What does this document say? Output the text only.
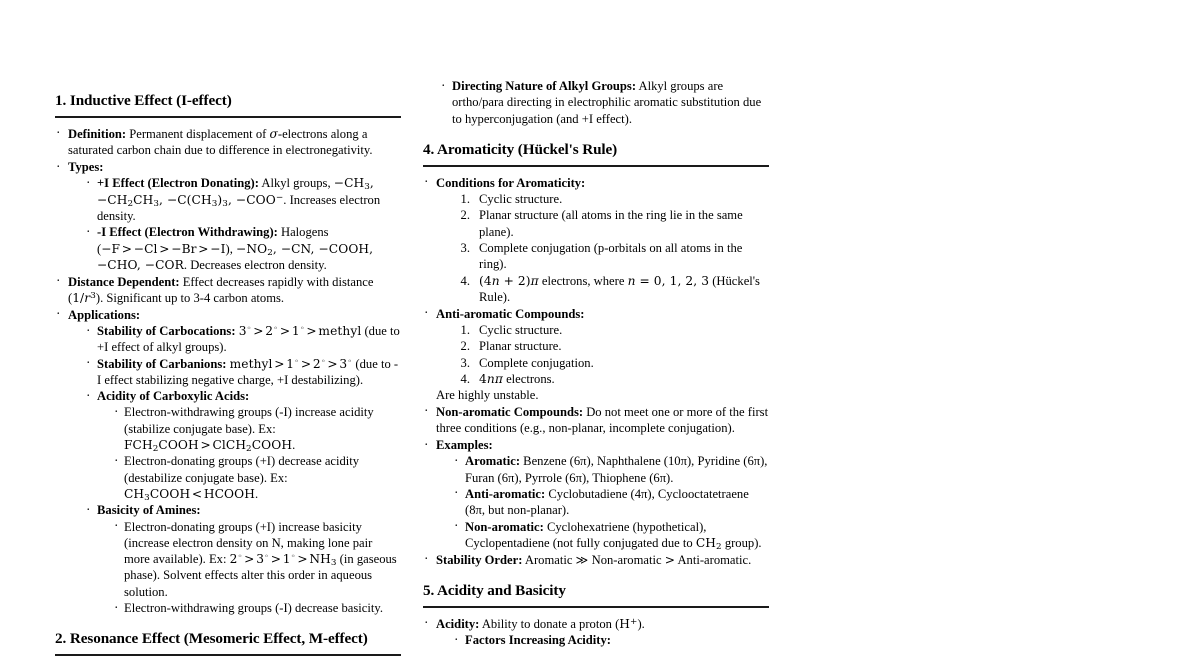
1. Inductive Effect (I-effect)
· Definition: Permanent displacement of σ-electrons along a saturated carbon chain due to difference in electronegativity.
· Types:
· +I Effect (Electron Donating): Alkyl groups, $-CH_3$, $-CH_2CH_3$, $-C(CH_3)_3$, −COO−. Increases electron density.
· -I Effect (Electron Withdrawing): Halogens (−F > −Cl > −Br > −I), $-NO_2$, −CN, −COOH, −CHO, −COR. Decreases electron density.
· Distance Dependent: Effect decreases rapidly with distance $(1/r^3)$. Significant up to 3-4 carbon atoms.
· Applications:
· Stability of Carbocations: 3◦ > 2◦ > 1◦ > methyl (due to +I effect of alkyl groups).
· Stability of Carbanions: methyl > 1◦ > 2◦ > 3◦ (due to -I effect stabilizing negative charge, +I destabilizing).
· Acidity of Carboxylic Acids:
· Electron-withdrawing groups (-I) increase acidity (stabilize conjugate base). Ex: $FCH_2COOH$ > ClCH$_2$COOH.
· Electron-donating groups (+I) decrease acidity (destabilize conjugate base). Ex: $CH_3COOH$ < HCOOH.
· Basicity of Amines:
· Electron-donating groups (+I) increase basicity (increase electron density on N, making lone pair more available). Ex: $2^◦ > 3^◦ > 1^◦ > NH_3$ (in gaseous phase). Solvent effects alter this order in aqueous solution.
· Electron-withdrawing groups (-I) decrease basicity.
2. Resonance Effect (Mesomeric Effect, M-effect)
· Directing Nature of Alkyl Groups: Alkyl groups are ortho/para directing in electrophilic aromatic substitution due to hyperconjugation (and +I effect).
4. Aromaticity (Hückel's Rule)
· Conditions for Aromaticity:
Cyclic structure.
Planar structure (all atoms in the ring lie in the same plane).
Complete conjugation (p-orbitals on all atoms in the ring).
(4n + 2)π electrons, where n = 0, 1, 2, 3 (Hückel's Rule).
· Anti-aromatic Compounds:
Cyclic structure.
Planar structure.
Complete conjugation.
4nπ electrons.
Are highly unstable.
· Non-aromatic Compounds: Do not meet one or more of the first three conditions (e.g., non-planar, incomplete conjugation).
· Examples:
· Aromatic: Benzene (6π), Naphthalene (10π), Pyridine (6π), Furan (6π), Pyrrole (6π), Thiophene (6π).
· Anti-aromatic: Cyclobutadiene (4π), Cyclooctatetraene (8π, but non-planar).
· Non-aromatic: Cyclohexatriene (hypothetical), Cyclopentadiene (not fully conjugated due to $CH_2$ group).
· Stability Order: Aromatic ≫ Non-aromatic > Anti-aromatic.
5. Acidity and Basicity
· Acidity: Ability to donate a proton (H+).
· Factors Increasing Acidity:
